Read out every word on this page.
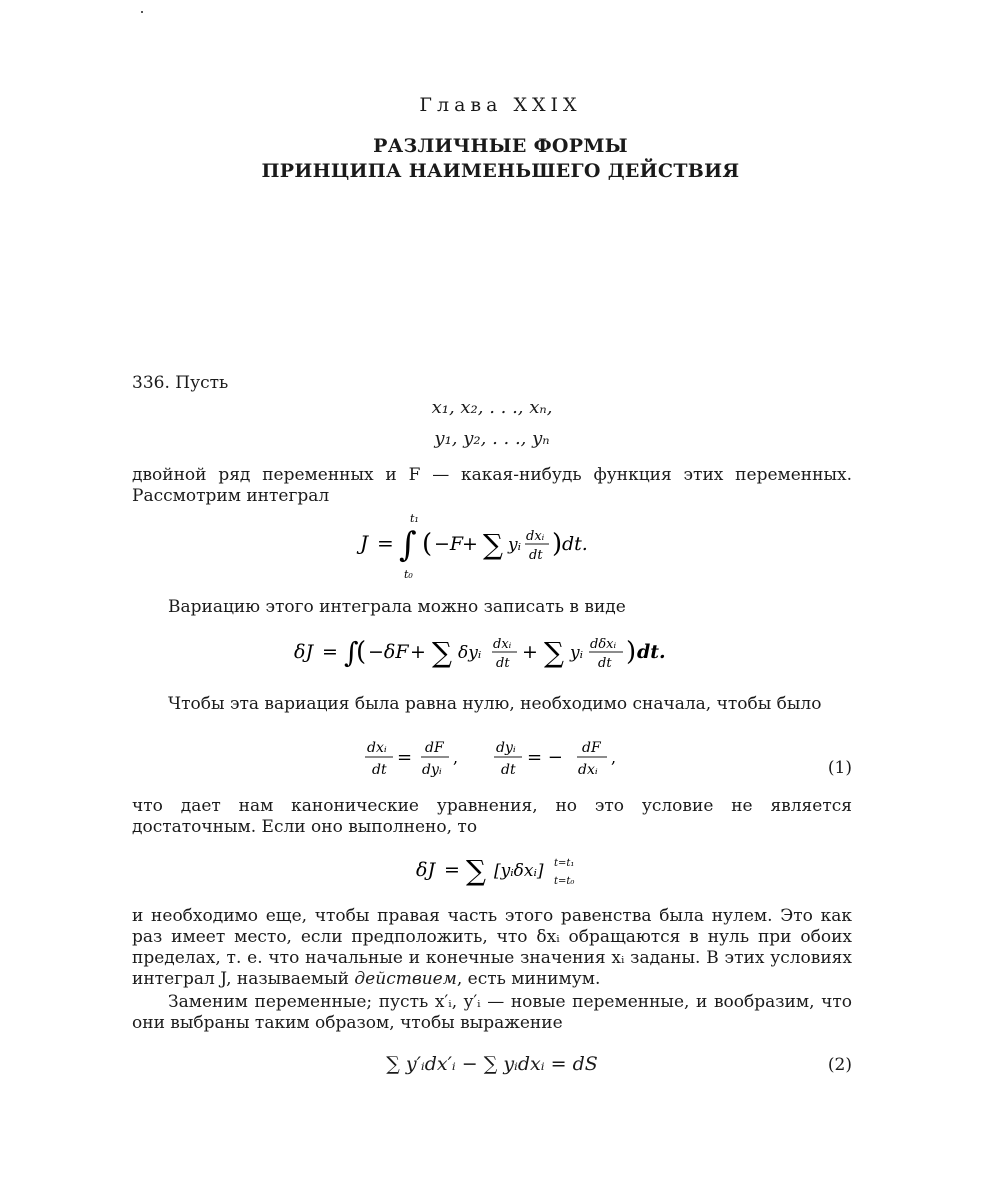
Глава XXIX
РАЗЛИЧНЫЕ ФОРМЫ
ПРИНЦИПА НАИМЕНЬШЕГО ДЕЙСТВИЯ
336. Пусть
x₁, x₂, . . ., xₙ,
y₁, y₂, . . ., yₙ
двойной ряд переменных и F — какая-нибудь функция этих переменных. Рассмотрим интеграл
J = ∫
t₁
t₀
( −F
+ ∑ yᵢ dxᵢ
dt ) dt.
Вариацию этого интеграла можно записать в виде
δJ = ∫
( −δF + ∑ δyᵢ dxᵢ
dt
+ ∑ yᵢ dδxᵢ
dt ) dt.
Чтобы эта вариация была равна нулю, необходимо сначала, чтобы было
dxᵢ
dt
= dF
dyᵢ
,	dyᵢ
dt
= − dF
dxᵢ
,
(1)
что дает нам канонические уравнения, но это условие не является достаточным. Если оно выполнено, то
δJ = ∑ [yᵢδxᵢ] t=t₁
t=t₀
и необходимо еще, чтобы правая часть этого равенства была нулем. Это как раз имеет место, если предположить, что δxᵢ обращаются в нуль при обоих пределах, т. е. что начальные и конечные значения xᵢ заданы. В этих условиях интеграл J, называемый действием, есть минимум.
Заменим переменные; пусть x′ᵢ, y′ᵢ — новые переменные, и вообразим, что они выбраны таким образом, чтобы выражение
∑ y′ᵢdx′ᵢ − ∑ yᵢdxᵢ = dS	(2)
